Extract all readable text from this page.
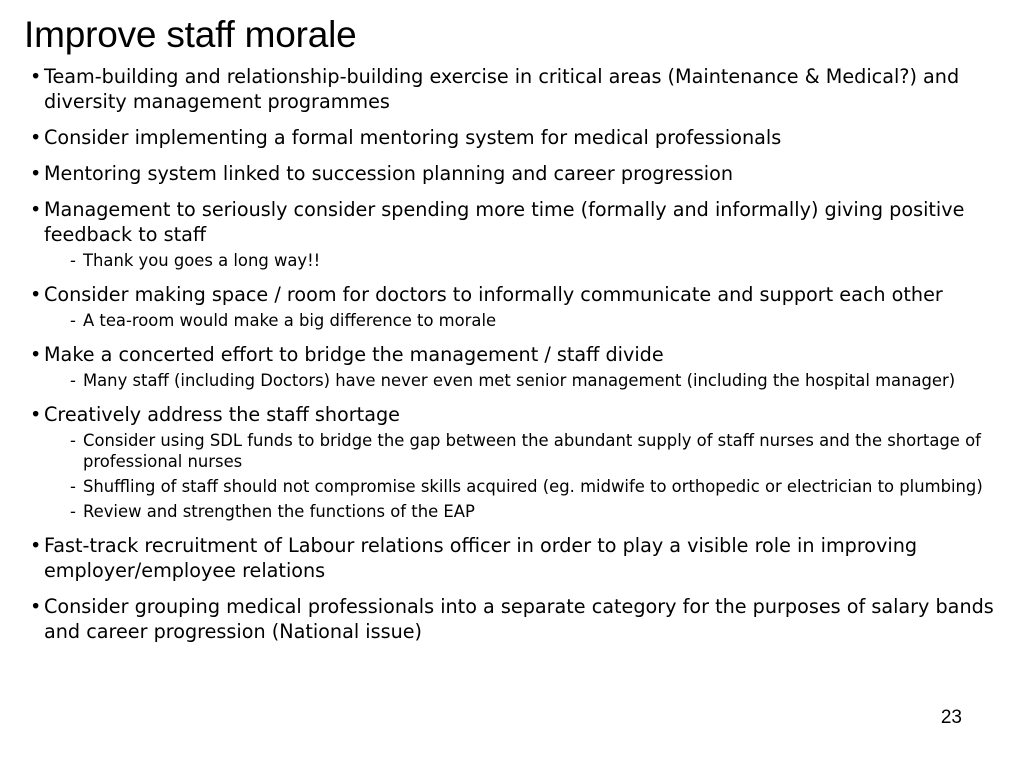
Improve staff morale
• Team-building and relationship-building exercise in critical areas (Maintenance & Medical?) and diversity management programmes
• Consider implementing a formal mentoring system for medical professionals
• Mentoring system linked to succession planning and career progression
• Management to seriously consider spending more time (formally and informally) giving positive feedback to staff
- Thank you goes a long way!!
• Consider making space / room for doctors to informally communicate and support each other
- A tea-room would make a big difference to morale
• Make a concerted effort to bridge the management / staff divide
- Many staff (including Doctors) have never even met senior management (including the hospital manager)
• Creatively address the staff shortage
- Consider using SDL funds to bridge the gap between the abundant supply of staff nurses and the shortage of professional nurses
- Shuffling of staff should not compromise skills acquired (eg. midwife to orthopedic or electrician to plumbing)
- Review and strengthen the functions of the EAP
• Fast-track recruitment of Labour relations officer in order to play a visible role in improving employer/employee relations
• Consider grouping medical professionals into a separate category for the purposes of salary bands and career progression (National issue)
23
